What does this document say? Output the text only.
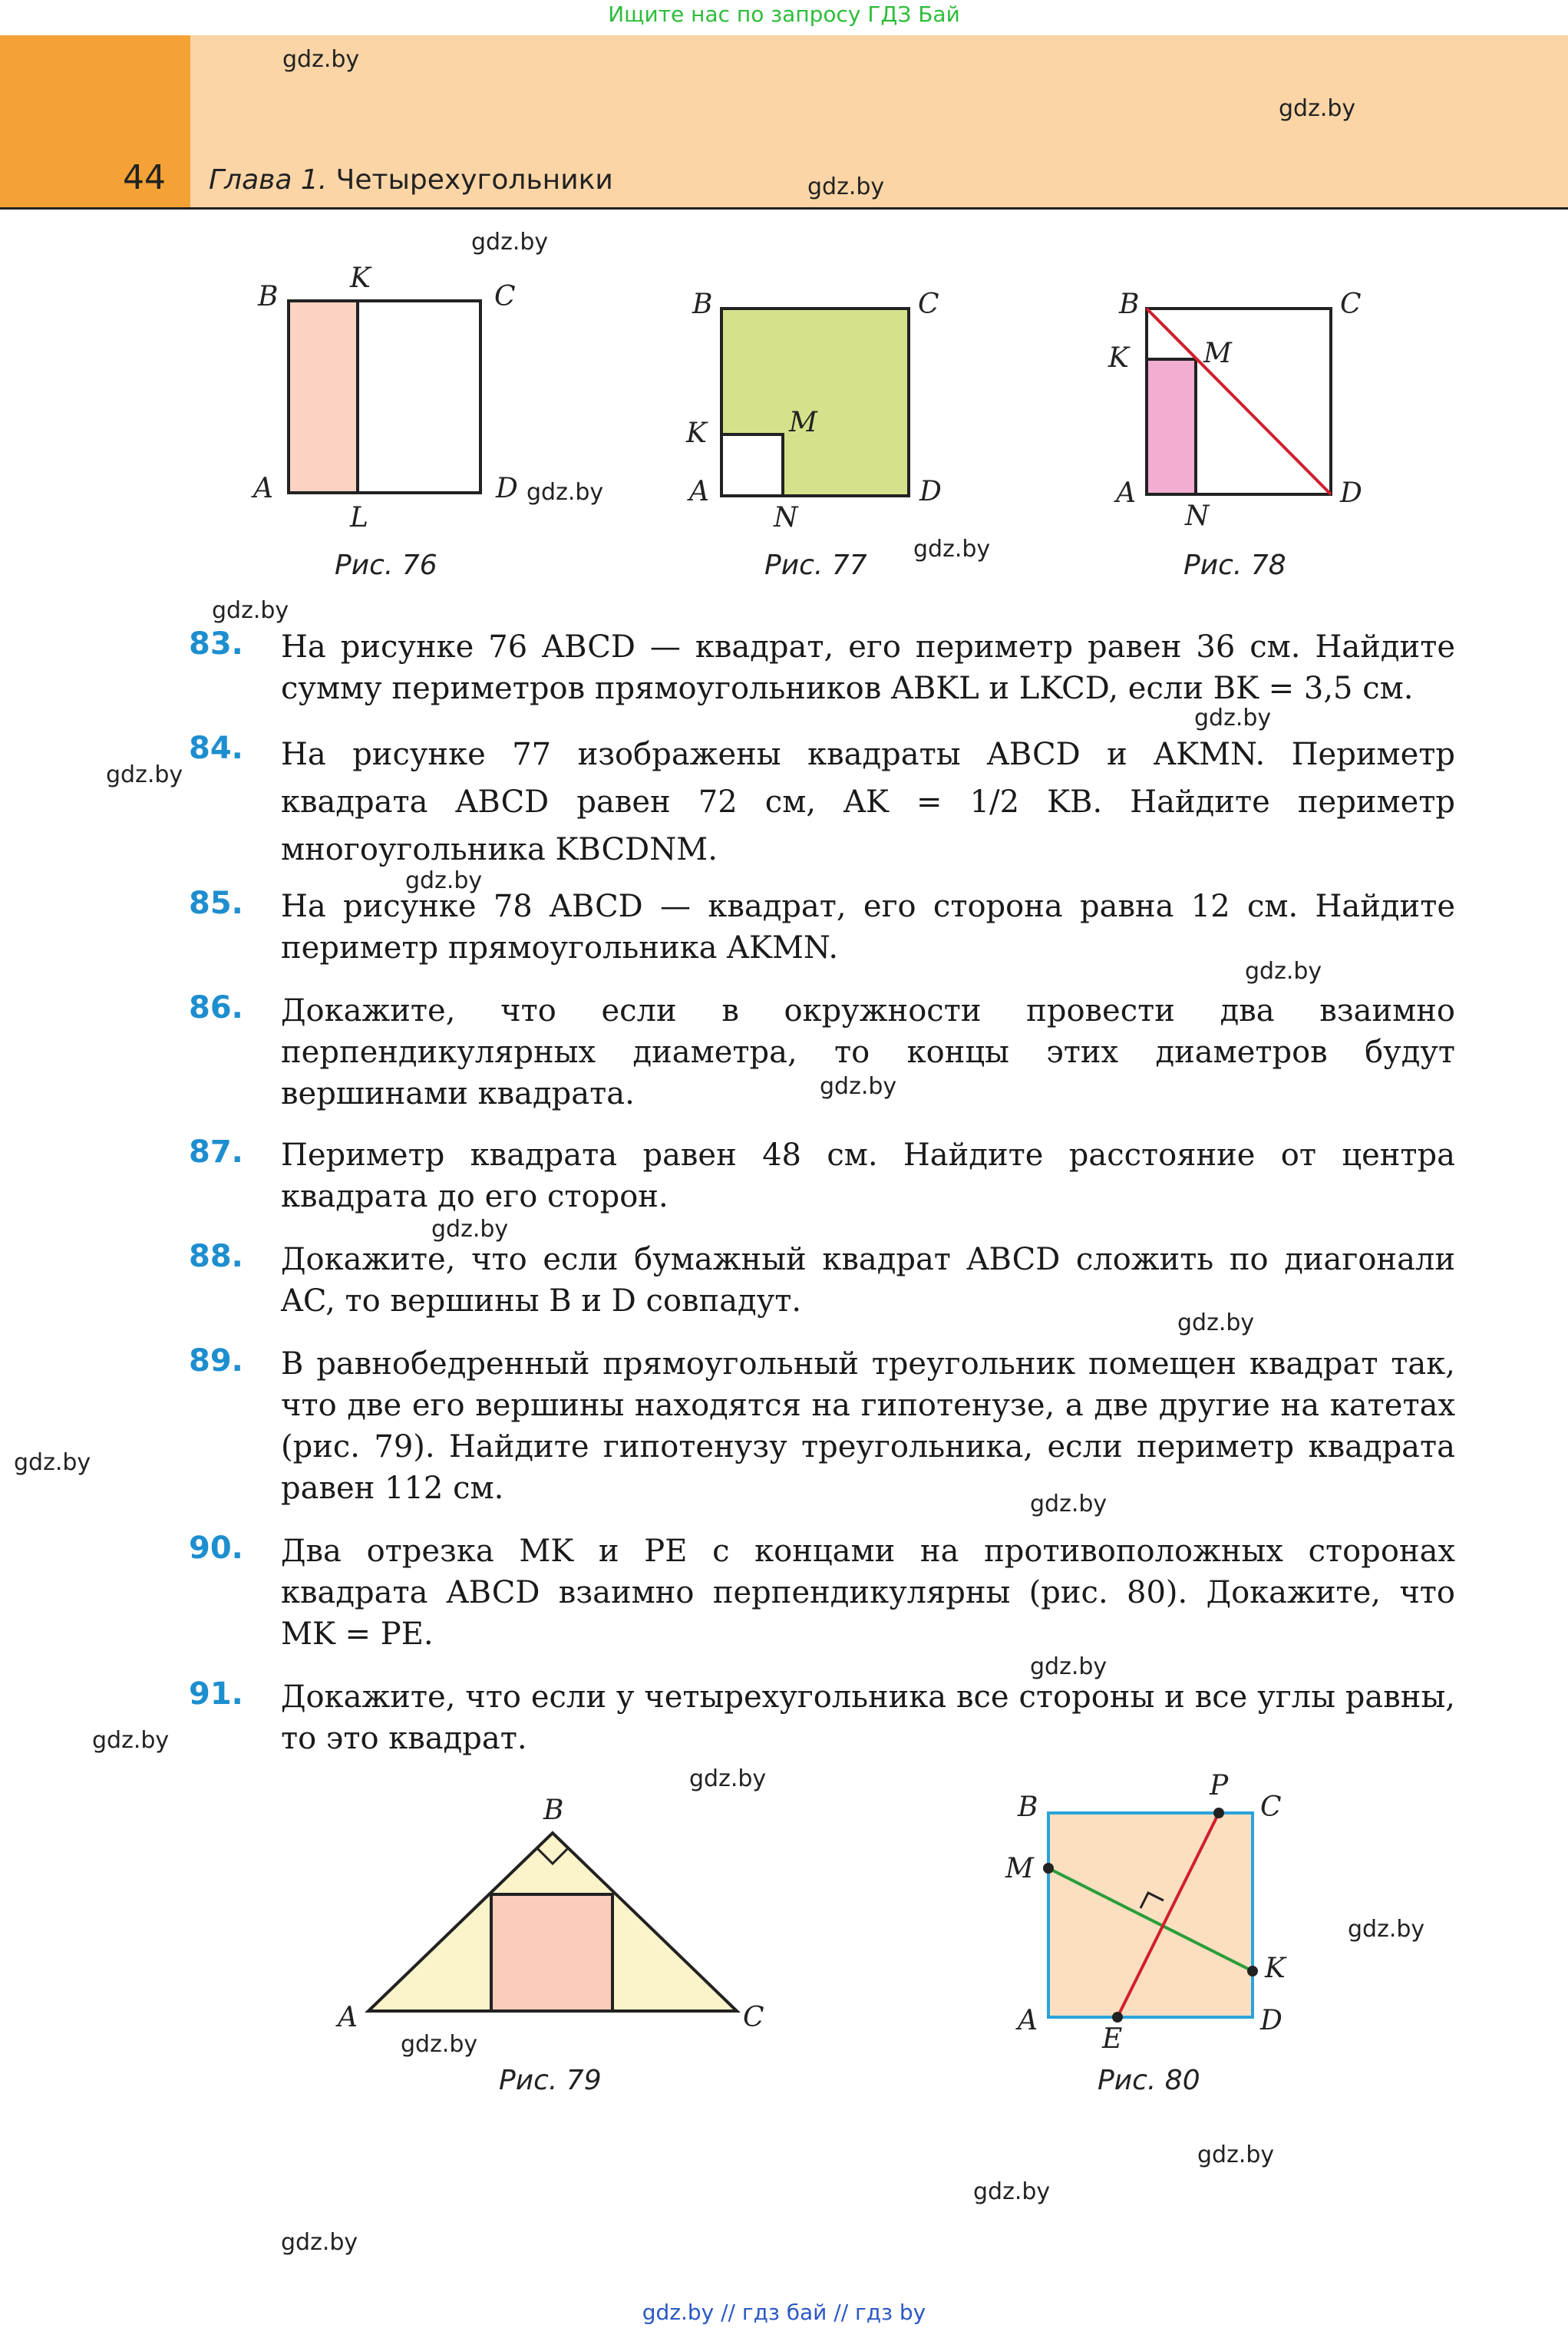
Ищите нас по запросу ГДЗ Бай
44 Глава 1. Четырехугольники
gdz.by
gdz.by
gdz.by
gdz.by
gdz.by
gdz.by
gdz.by
gdz.by
gdz.by
gdz.by
gdz.by
gdz.by
gdz.by
gdz.by
gdz.by
gdz.by
gdz.by
gdz.by
gdz.by
gdz.by
gdz.by
gdz.by
gdz.by
gdz.by
B
K
C
A	D
L
Рис. 76
B	C
K	M
A	D
N
Рис. 77
B	C
K	M
A	D
N
Рис. 78
83. На рисунке 76 ABCD — квадрат, его периметр равен 36 см. Найдите сумму периметров прямоугольников ABKL и LKCD, если BK = 3,5 см.
84. На рисунке 77 изображены квадраты ABCD и AKMN. Периметр квадрата ABCD равен 72 см, AK = 1/2 KB. Найдите периметр многоугольника KBCDNM.
85. На рисунке 78 ABCD — квадрат, его сторона равна 12 см. Найдите периметр прямоугольника AKMN.
86. Докажите, что если в окружности провести два взаимно перпендикулярных диаметра, то концы этих диаметров будут вершинами квадрата.
87. Периметр квадрата равен 48 см. Найдите расстояние от центра квадрата до его сторон.
88. Докажите, что если бумажный квадрат ABCD сложить по диагонали AC, то вершины B и D совпадут.
89. В равнобедренный прямоугольный треугольник помещен квадрат так, что две его вершины находятся на гипотенузе, а две другие на катетах (рис. 79). Найдите гипотенузу треугольника, если периметр квадрата равен 112 см.
90. Два отрезка MK и PE с концами на противоположных сторонах квадрата ABCD взаимно перпендикулярны (рис. 80). Докажите, что MK = PE.
91. Докажите, что если у четырехугольника все стороны и все углы равны, то это квадрат.
B
A	C
Рис. 79
B
P
C
M
K
A
E
D
Рис. 80
gdz.by // гдз бай // гдз by
